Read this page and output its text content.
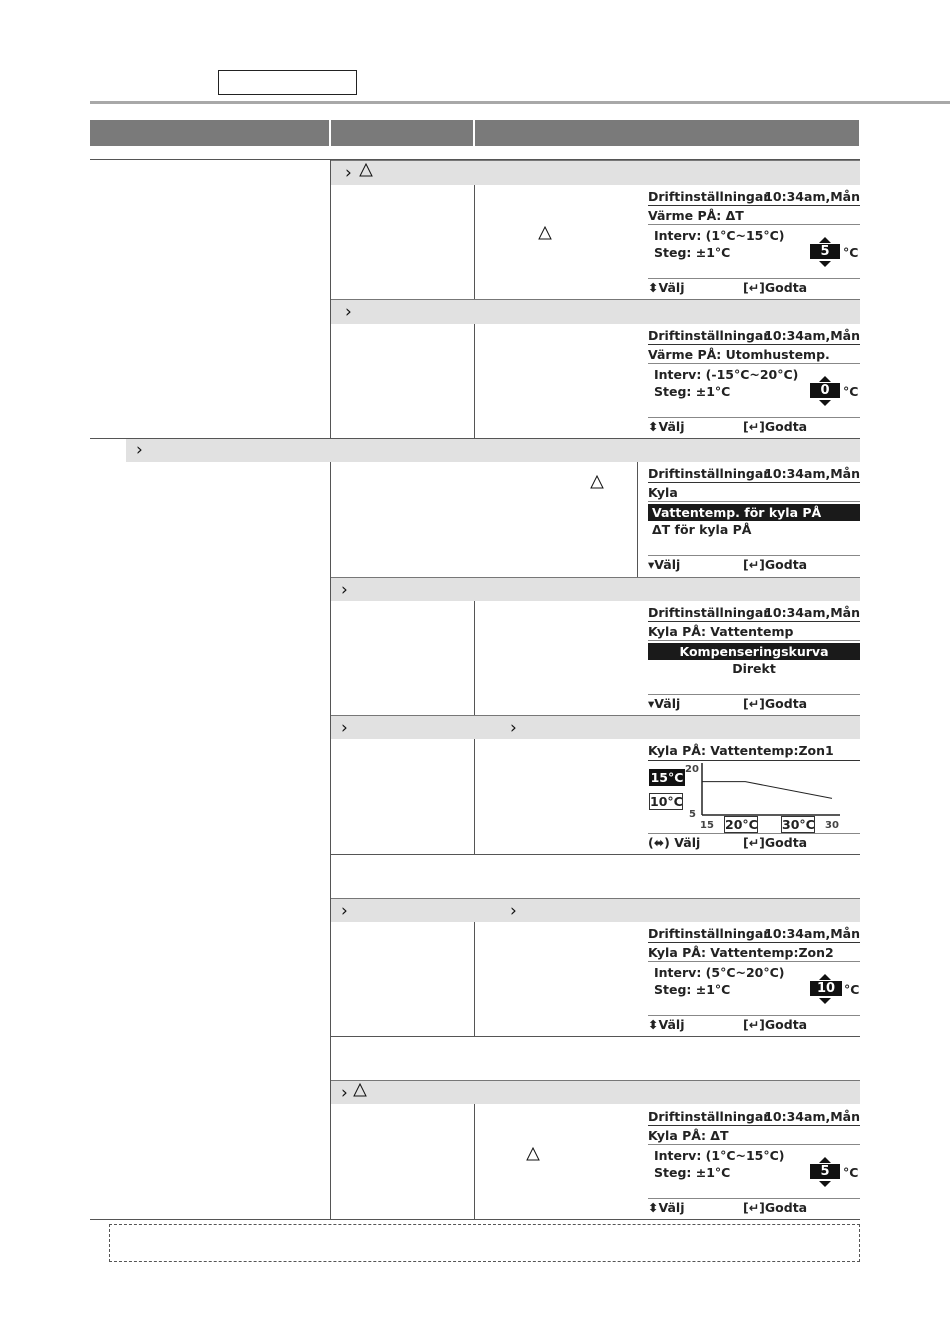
›
Driftinställningar
10:34am,Mån
Värme PÅ: ΔT
Interv: (1°C~15°C)
Steg: ±1°C	5	°C
⬍Välj	[↵]Godta
›
Driftinställningar
10:34am,Mån
Värme PÅ: Utomhustemp.
Interv: (-15°C~20°C)
Steg: ±1°C	0	°C
⬍Välj	[↵]Godta
›
Driftinställningar
10:34am,Mån
Kyla
Vattentemp. för kyla PÅ
ΔT för kyla PÅ
▾Välj	[↵]Godta
›
Driftinställningar
10:34am,Mån
Kyla PÅ: Vattentemp
Kompenseringskurva
Direkt
▾Välj	[↵]Godta
›	›
Kyla PÅ: Vattentemp:Zon1
15°C
10°C
20
5
15	30
20°C 30°C
(⬌) Välj	[↵]Godta
›	›
Driftinställningar
10:34am,Mån
Kyla PÅ: Vattentemp:Zon2
Interv: (5°C~20°C)
Steg: ±1°C	10 °C
⬍Välj	[↵]Godta
›
Driftinställningar
10:34am,Mån
Kyla PÅ: ΔT
Interv: (1°C~15°C)
Steg: ±1°C	5	°C
⬍Välj	[↵]Godta
